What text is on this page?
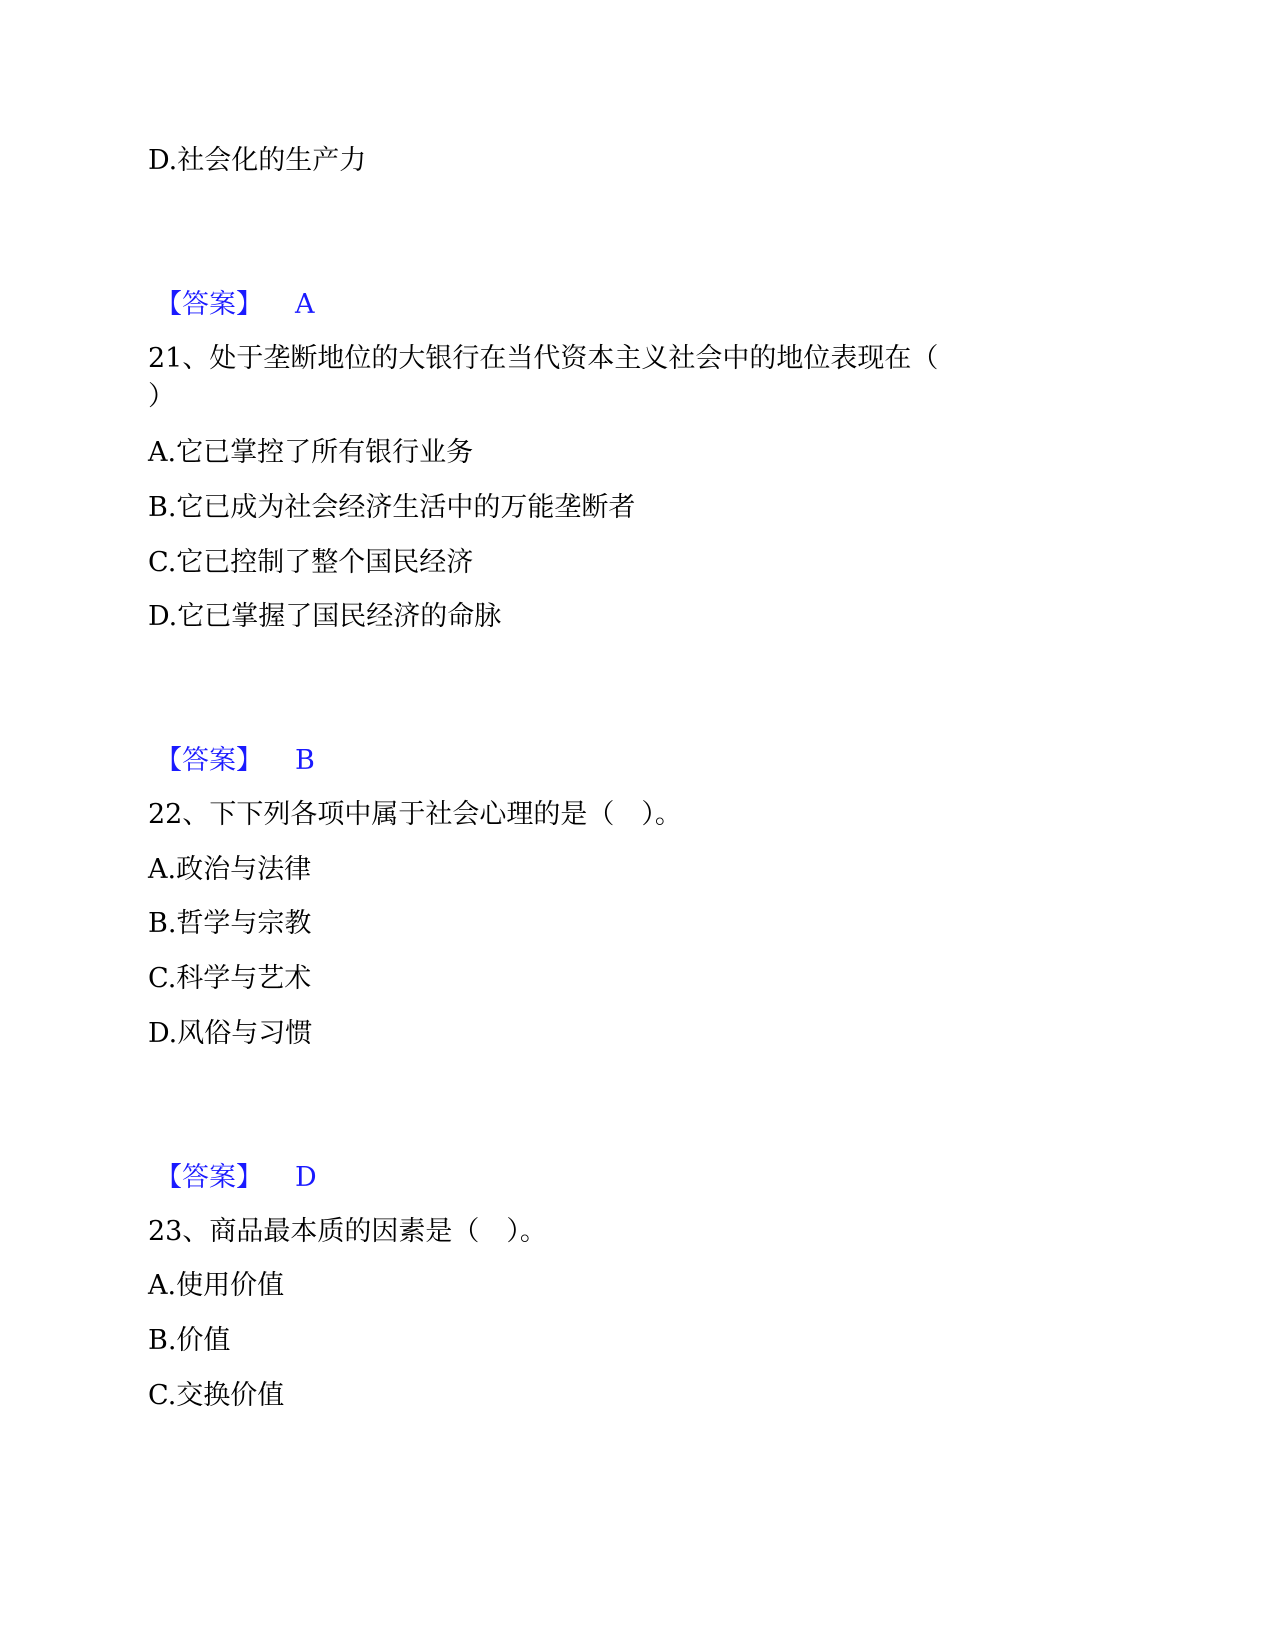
D.社会化的生产力
【答案】 A
21、处于垄断地位的大银行在当代资本主义社会中的地位表现在（
）
A.它已掌控了所有银行业务
B.它已成为社会经济生活中的万能垄断者
C.它已控制了整个国民经济
D.它已掌握了国民经济的命脉
【答案】 B
22、下下列各项中属于社会心理的是（　）。
A.政治与法律
B.哲学与宗教
C.科学与艺术
D.风俗与习惯
【答案】 D
23、商品最本质的因素是（　）。
A.使用价值
B.价值
C.交换价值
